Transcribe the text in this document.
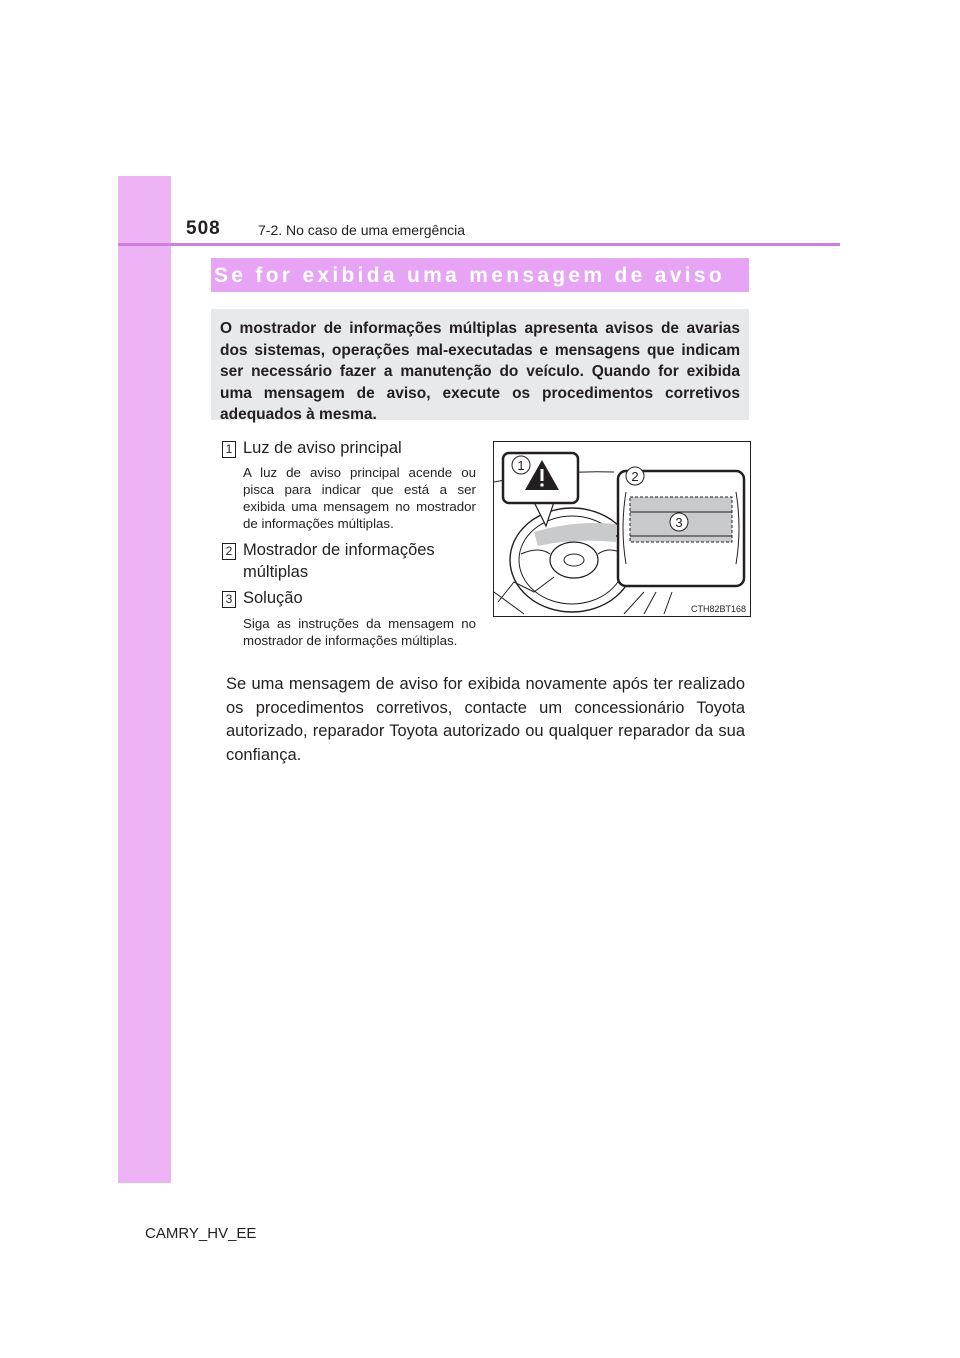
508	7-2. No caso de uma emergência
Se for exibida uma mensagem de aviso
O mostrador de informações múltiplas apresenta avisos de avarias dos sistemas, operações mal-executadas e mensagens que indicam ser necessário fazer a manutenção do veículo. Quando for exibida uma mensagem de aviso, execute os procedimentos corretivos adequados à mesma.
1 Luz de aviso principal
A luz de aviso principal acende ou pisca para indicar que está a ser exibida uma mensagem no mostrador de informações múltiplas.
2 Mostrador de informações múltiplas
3 Solução
Siga as instruções da mensagem no mostrador de informações múltiplas.
Se uma mensagem de aviso for exibida novamente após ter realizado os procedimentos corretivos, contacte um concessionário Toyota autorizado, reparador Toyota autorizado ou qualquer reparador da sua confiança.
1
2
3
CTH82BT168
CAMRY_HV_EE
